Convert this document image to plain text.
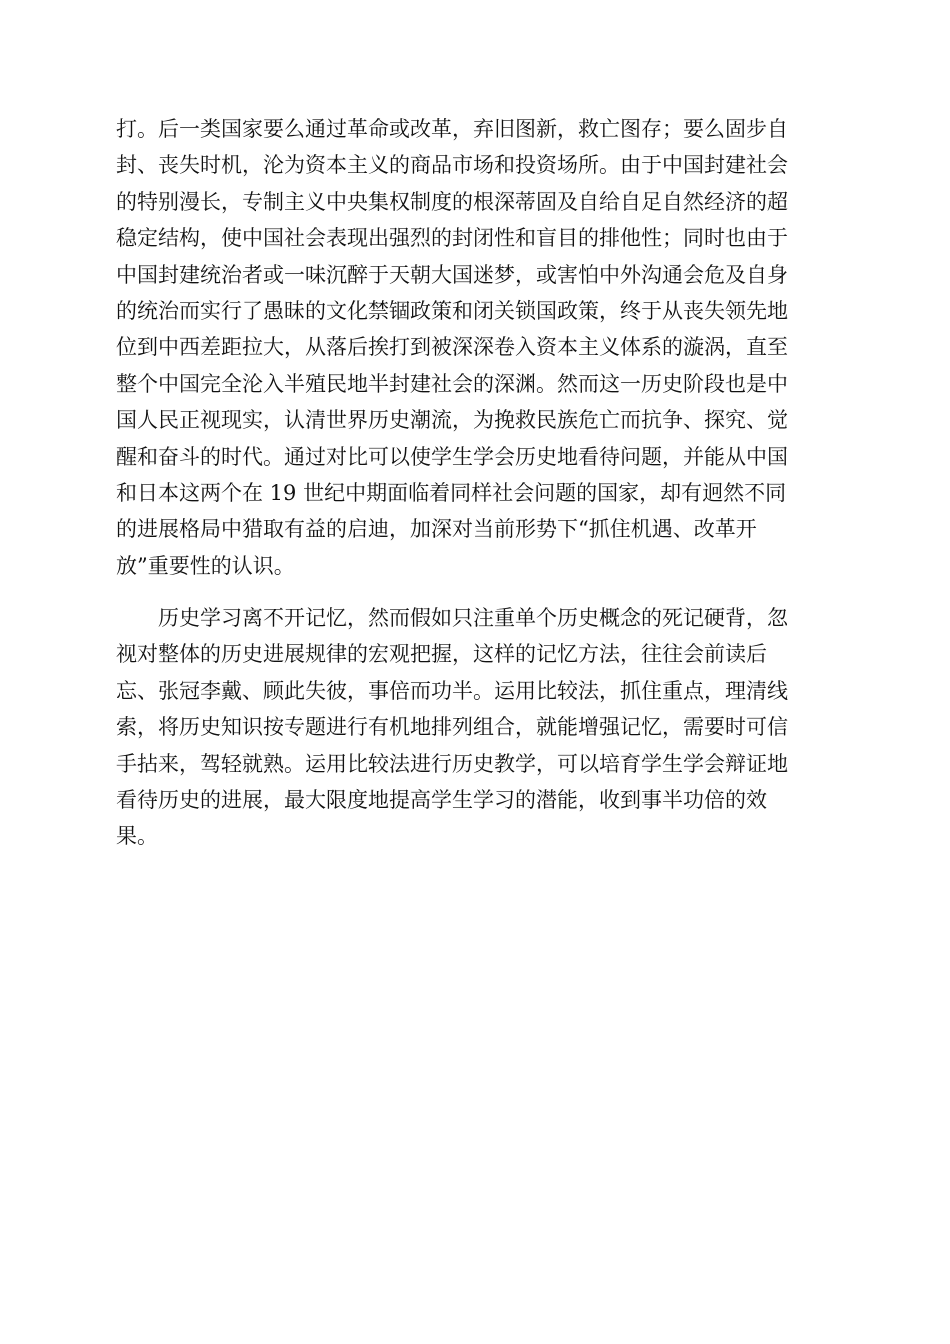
打。后一类国家要么通过革命或改革，弃旧图新，救亡图存；要么固步自
封、丧失时机，沦为资本主义的商品市场和投资场所。由于中国封建社会
的特别漫长，专制主义中央集权制度的根深蒂固及自给自足自然经济的超
稳定结构，使中国社会表现出强烈的封闭性和盲目的排他性；同时也由于
中国封建统治者或一味沉醉于天朝大国迷梦，或害怕中外沟通会危及自身
的统治而实行了愚昧的文化禁锢政策和闭关锁国政策，终于从丧失领先地
位到中西差距拉大，从落后挨打到被深深卷入资本主义体系的漩涡，直至
整个中国完全沦入半殖民地半封建社会的深渊。然而这一历史阶段也是中
国人民正视现实，认清世界历史潮流，为挽救民族危亡而抗争、探究、觉
醒和奋斗的时代。通过对比可以使学生学会历史地看待问题，并能从中国
和日本这两个在 19 世纪中期面临着同样社会问题的国家，却有迥然不同
的进展格局中猎取有益的启迪，加深对当前形势下“抓住机遇、改革开
放”重要性的认识。
　　历史学习离不开记忆，然而假如只注重单个历史概念的死记硬背，忽
视对整体的历史进展规律的宏观把握，这样的记忆方法，往往会前读后
忘、张冠李戴、顾此失彼，事倍而功半。运用比较法，抓住重点，理清线
索，将历史知识按专题进行有机地排列组合，就能增强记忆，需要时可信
手拈来，驾轻就熟。运用比较法进行历史教学，可以培育学生学会辩证地
看待历史的进展，最大限度地提高学生学习的潜能，收到事半功倍的效
果。
